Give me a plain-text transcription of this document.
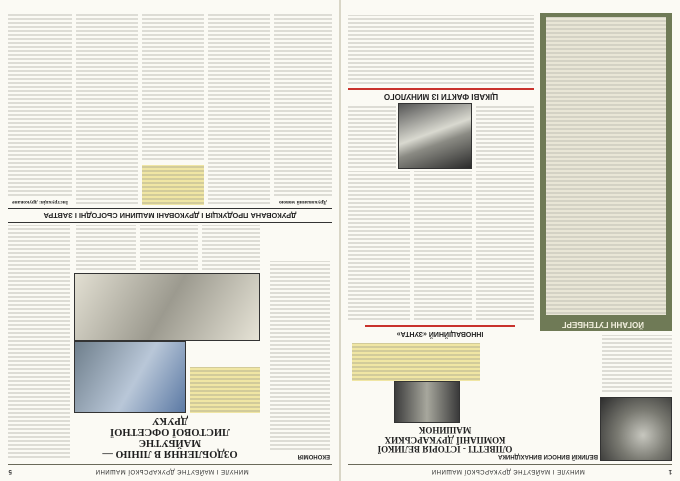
1
МИНУЛЕ І МАЙБУТНЄ ДРУКАРСЬКОЇ МАШИНИ
ВЕЛИКІЙ ВИНОСИ ВИНАХІДНИКА
ОЛІВЕТТІ - ІСТОРІЯ ВЕЛИКОЇ
КОМПАНІЇ ДРУКАРСЬКИХ
МАШИНОК
ЙОГАНН ГУТЕНБЕРГ
ІННОВАЦІЙНИЙ «ЗУНТА»
ЦІКАВІ ФАКТИ ІЗ МИНУЛОГО
МИНУЛЕ І МАЙБУТНЄ ДРУКАРСЬКОЇ МАШИНИ
5
ЕКОНОМІЯ
ОЗДОБЛЕННЯ В ЛІНІЮ — МАЙБУТНЄ
ЛИСТОВОЇ ОФСЕТНОЇ
ДРУКУ
ДРУКОВАНА ПРОДУКЦІЯ І ДРУКОВАНІ МАШИНИ СЬОГОДНІ І ЗАВТРА
Друкований мовою
Інструкція: друковане
